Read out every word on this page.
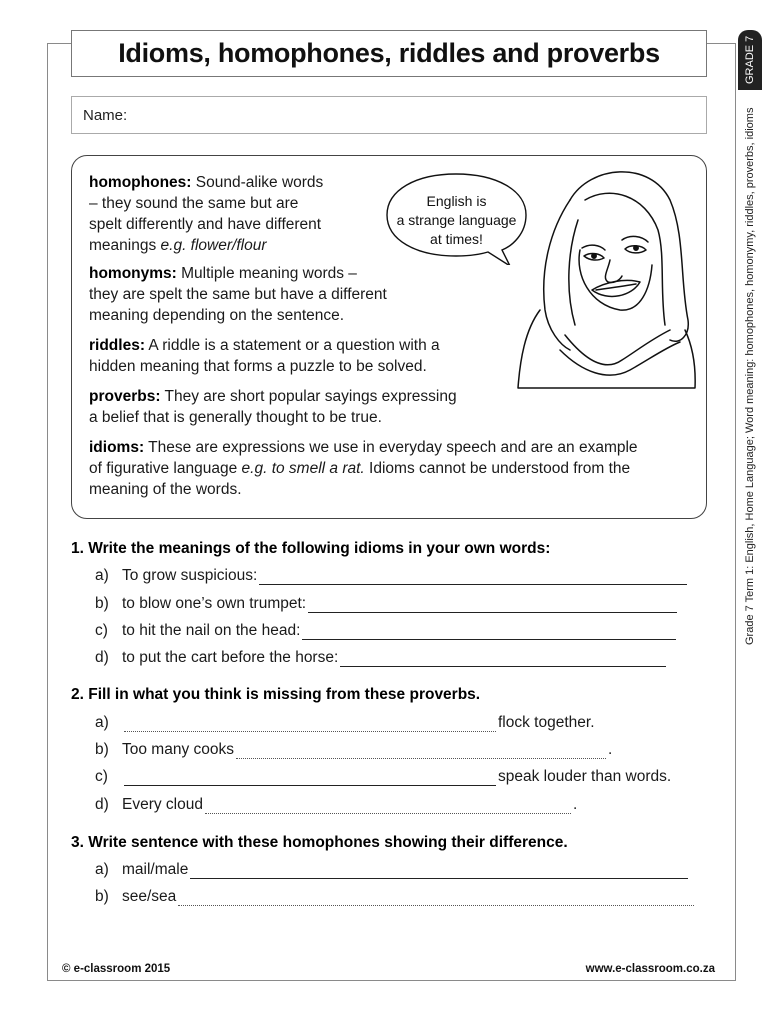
Idioms, homophones, riddles and proverbs
Name:
GRADE 7
Grade 7 Term 1: English, Home Language; Word meaning: homophones, homonymy, riddles, proverbs, idioms
homophones: Sound-alike words
– they sound the same but are
spelt differently and have different
meanings e.g. flower/flour
homonyms: Multiple meaning words –
they are spelt the same but have a different
meaning depending on the sentence.
riddles: A riddle is a statement or a question with a
hidden meaning that forms a puzzle to be solved.
proverbs: They are short popular sayings expressing
a belief that is generally thought to be true.
idioms: These are expressions we use in everyday speech and are an example
of figurative language e.g. to smell a rat. Idioms cannot be understood from the
meaning of the words.
English is
a strange language
at times!
1. Write the meanings of the following idioms in your own words:
a) To grow suspicious:
b) to blow one’s own trumpet:
c) to hit the nail on the head:
d) to put the cart before the horse:
2. Fill in what you think is missing from these proverbs.
a)	flock together.
b) Too many cooks	.
c)	speak louder than words.
d) Every cloud	.
3. Write sentence with these homophones showing their difference.
a) mail/male
b) see/sea
© e-classroom 2015	www.e-classroom.co.za
